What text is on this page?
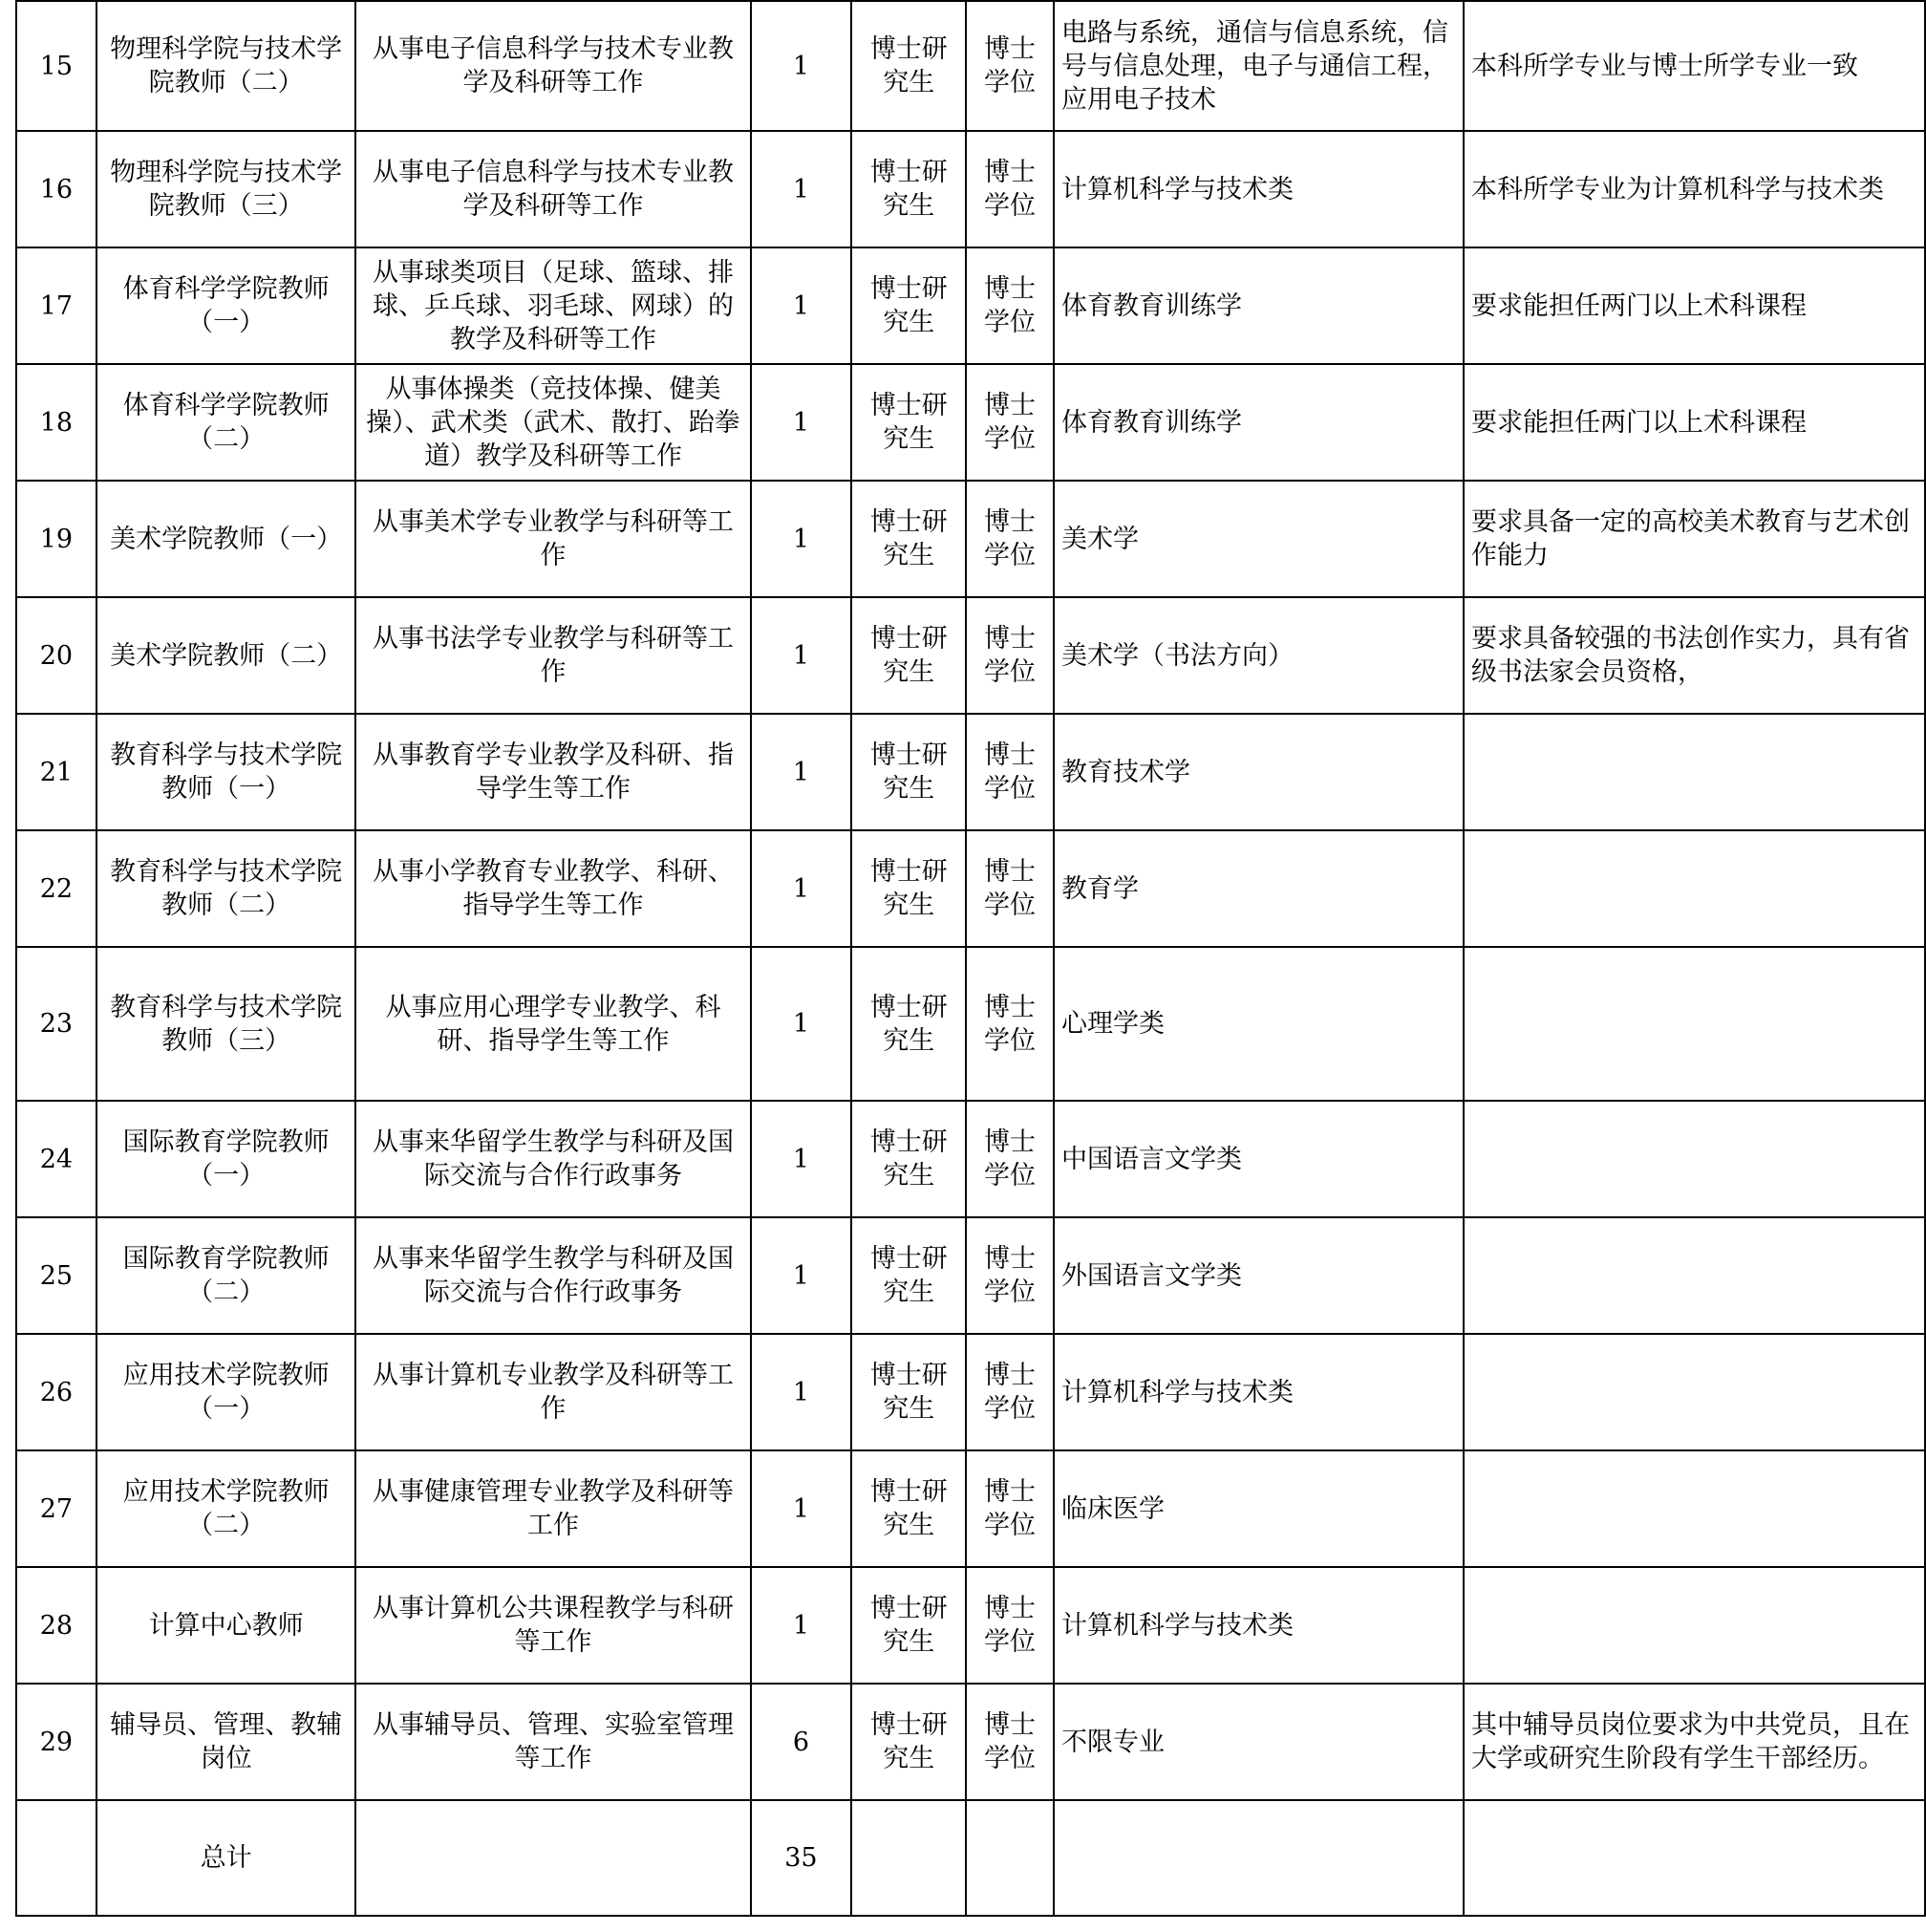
15	物理科学院与技术学院教师（二）	从事电子信息科学与技术专业教学及科研等工作	1	博士研究生	博士学位	电路与系统，通信与信息系统，信号与信息处理，电子与通信工程，应用电子技术	本科所学专业与博士所学专业一致
16	物理科学院与技术学院教师（三）	从事电子信息科学与技术专业教学及科研等工作	1	博士研究生	博士学位	计算机科学与技术类	本科所学专业为计算机科学与技术类
17	体育科学学院教师（一）	从事球类项目（足球、篮球、排球、乒乓球、羽毛球、网球）的教学及科研等工作	1	博士研究生	博士学位	体育教育训练学	要求能担任两门以上术科课程
18	体育科学学院教师（二）	从事体操类（竞技体操、健美操）、武术类（武术、散打、跆拳道）教学及科研等工作	1	博士研究生	博士学位	体育教育训练学	要求能担任两门以上术科课程
19	美术学院教师（一）	从事美术学专业教学与科研等工作	1	博士研究生	博士学位	美术学	要求具备一定的高校美术教育与艺术创作能力
20	美术学院教师（二）	从事书法学专业教学与科研等工作	1	博士研究生	博士学位	美术学（书法方向）	要求具备较强的书法创作实力，具有省级书法家会员资格，
21	教育科学与技术学院教师（一）	从事教育学专业教学及科研、指导学生等工作	1	博士研究生	博士学位	教育技术学	
22	教育科学与技术学院教师（二）	从事小学教育专业教学、科研、指导学生等工作	1	博士研究生	博士学位	教育学	
23	教育科学与技术学院教师（三）	从事应用心理学专业教学、科研、指导学生等工作	1	博士研究生	博士学位	心理学类	
24	国际教育学院教师（一）	从事来华留学生教学与科研及国际交流与合作行政事务	1	博士研究生	博士学位	中国语言文学类	
25	国际教育学院教师（二）	从事来华留学生教学与科研及国际交流与合作行政事务	1	博士研究生	博士学位	外国语言文学类	
26	应用技术学院教师（一）	从事计算机专业教学及科研等工作	1	博士研究生	博士学位	计算机科学与技术类	
27	应用技术学院教师（二）	从事健康管理专业教学及科研等工作	1	博士研究生	博士学位	临床医学	
28	计算中心教师	从事计算机公共课程教学与科研等工作	1	博士研究生	博士学位	计算机科学与技术类	
29	辅导员、管理、教辅岗位	从事辅导员、管理、实验室管理等工作	6	博士研究生	博士学位	不限专业	其中辅导员岗位要求为中共党员，且在大学或研究生阶段有学生干部经历。
	总计		35				
